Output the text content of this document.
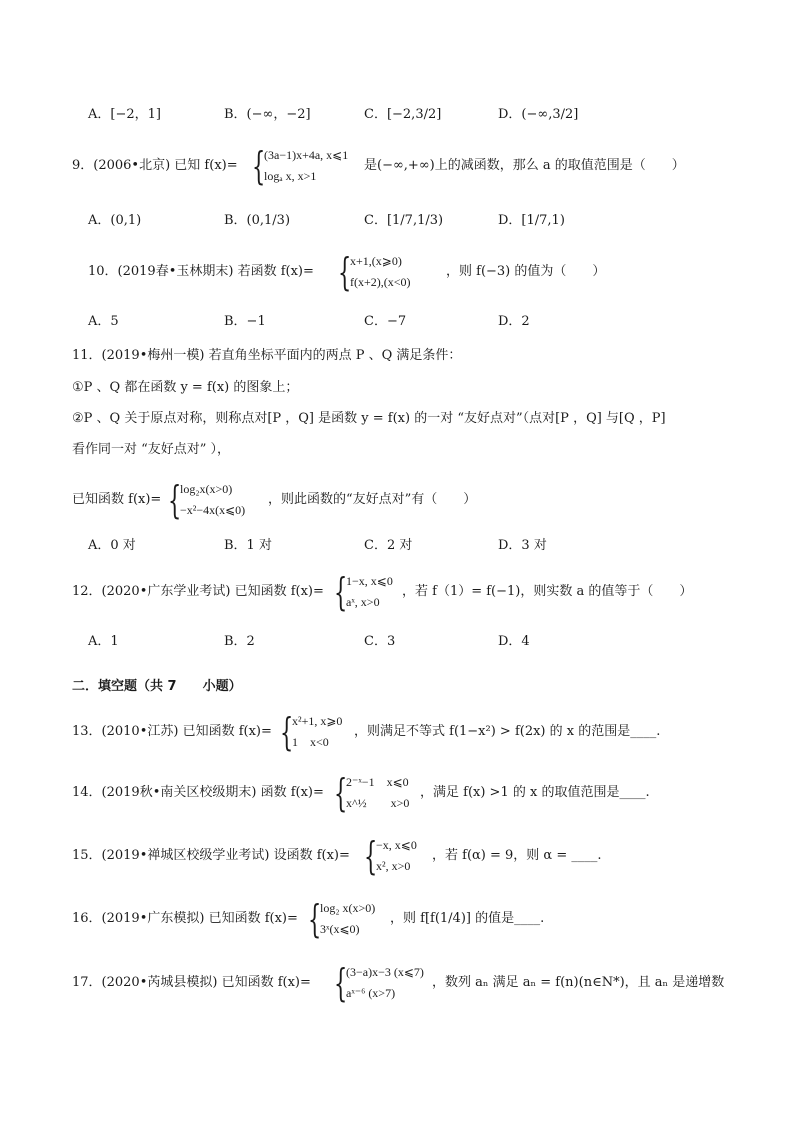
A．[−2，1]	B．(−∞，−2]	C．[−2,3/2]	D．(−∞,3/2]
9．(2006•北京) 已知 f(x)= {
(3a−1)x+4a, x⩽1
logₐ x, x>1
是(−∞,+∞)上的减函数，那么 a 的取值范围是（　　）
A．(0,1)	B．(0,1/3)	C．[1/7,1/3)	D．[1/7,1)
10．(2019春•玉林期末) 若函数 f(x)= {
x+1,(x⩾0)
f(x+2),(x<0)
，则 f(−3) 的值为（　　）
A．5	B．−1	C．−7	D．2
11．(2019•梅州一模) 若直角坐标平面内的两点 P 、Q 满足条件：
①P 、Q 都在函数 y = f(x) 的图象上；
②P 、Q 关于原点对称，则称点对[P ，Q] 是函数 y = f(x) 的一对 “友好点对”（点对[P ，Q] 与[Q ，P]
看作同一对 “友好点对” ），
已知函数 f(x)= {
log₂x(x>0)
−x²−4x(x⩽0)
，则此函数的“友好点对”有（　　）
A．0 对	B．1 对	C．2 对	D．3 对
12．(2020•广东学业考试) 已知函数 f(x)= {
1−x, x⩽0
aˣ, x>0
，若 f（1）= f(−1)，则实数 a 的值等于（　　）
A．1	B．2	C．3	D．4
二．填空题（共 7　　小题）
13．(2010•江苏) 已知函数 f(x)= {
x²+1, x⩾0
1　x<0
，则满足不等式 f(1−x²) > f(2x) 的 x 的范围是____.
14．(2019秋•南关区校级期末) 函数 f(x)= {
2⁻ˣ−1　x⩽0
x^½　　x>0
，满足 f(x) >1 的 x 的取值范围是____.
15．(2019•禅城区校级学业考试) 设函数 f(x)= {
−x, x⩽0
x², x>0
，若 f(α) = 9，则 α = ____.
16．(2019•广东模拟) 已知函数 f(x)= {
log₂ x(x>0)
3ˣ(x⩽0)
，则 f[f(1/4)] 的值是____.
17．(2020•芮城县模拟) 已知函数 f(x)= {
(3−a)x−3 (x⩽7)
aˣ⁻⁶ (x>7)
，数列 aₙ 满足 aₙ = f(n)(n∈N*)，且 aₙ 是递增数
